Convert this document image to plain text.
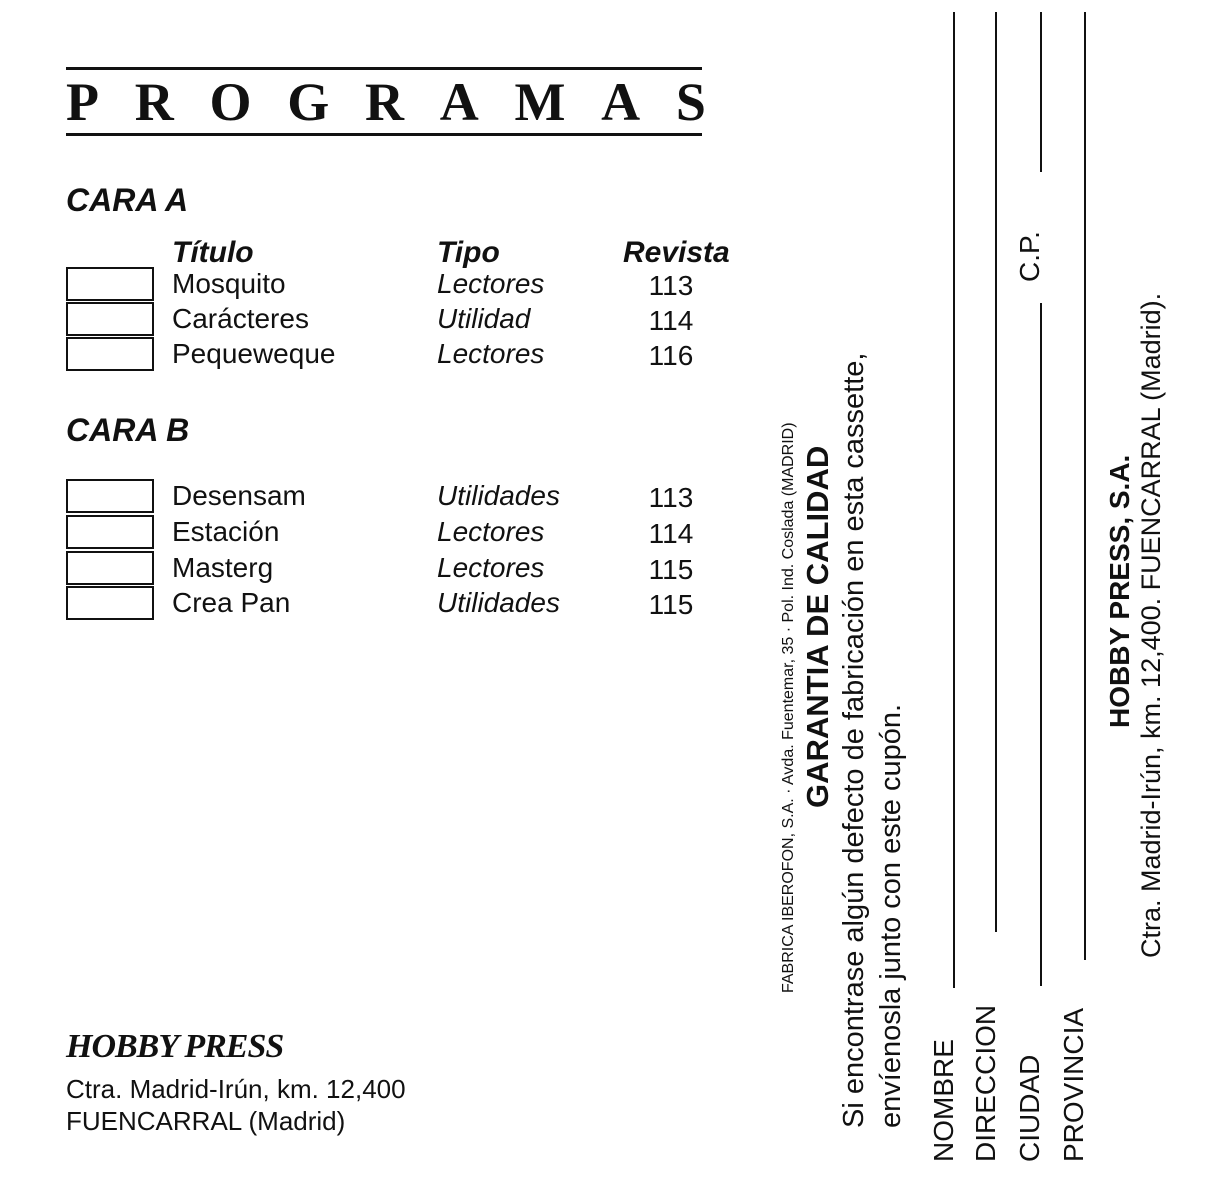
P R O G R A M A S
CARA A
Título	Tipo	Revista
Mosquito	Lectores	113
Carácteres	Utilidad	114
Pequeweque	Lectores	116
CARA B
Desensam	Utilidades	113
Estación	Lectores	114
Masterg	Lectores	115
Crea Pan	Utilidades	115
HOBBY PRESS
Ctra. Madrid-Irún, km. 12,400
FUENCARRAL (Madrid)
FABRICA IBEROFON, S.A. · Avda. Fuentemar, 35 · Pol. Ind. Coslada (MADRID) GARANTIA DE CALIDAD Si encontrase algún defecto de fabricación en esta cassette, envíenosla junto con este cupón. NOMBRE DIRECCION CIUDAD
C.P.
PROVINCIA
HOBBY PRESS, S.A. Ctra. Madrid-Irún, km. 12,400. FUENCARRAL (Madrid).
